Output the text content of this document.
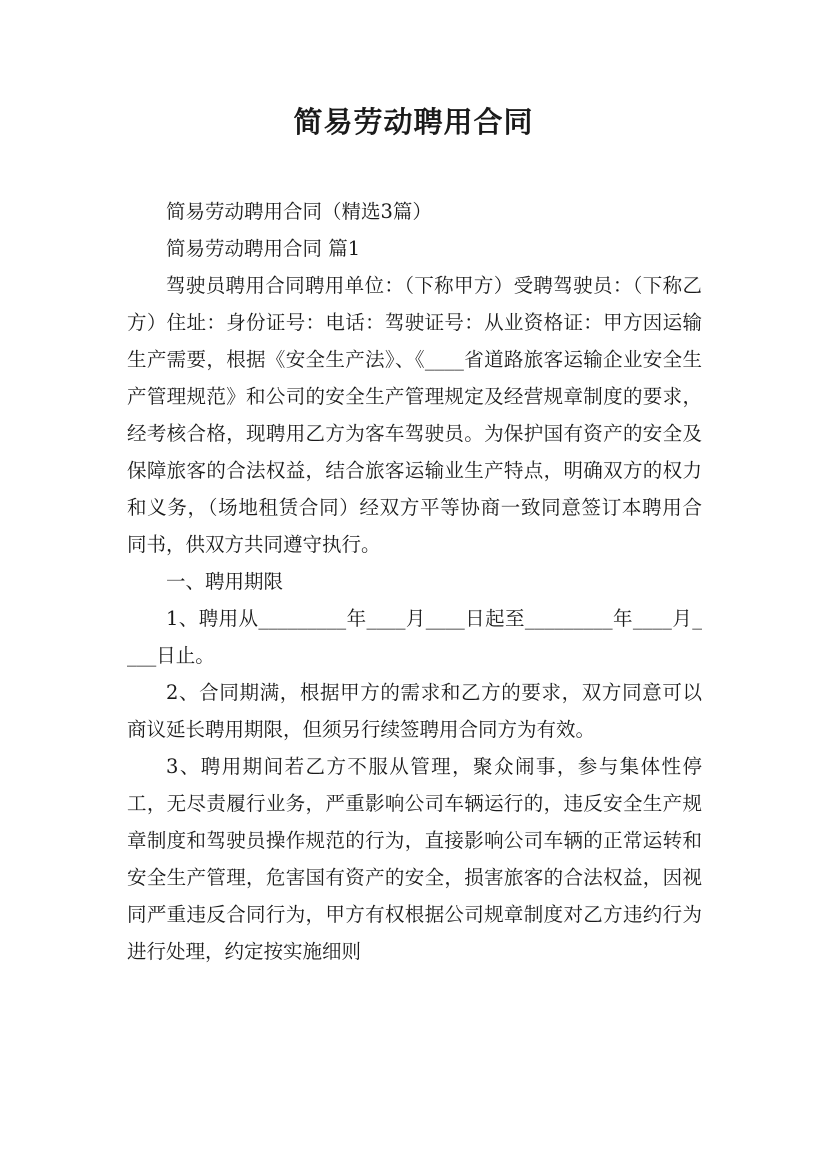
简易劳动聘用合同

简易劳动聘用合同（精选3篇）

简易劳动聘用合同 篇1

驾驶员聘用合同聘用单位：（下称甲方）受聘驾驶员：（下称乙方）住址：身份证号：电话：驾驶证号：从业资格证：甲方因运输生产需要，根据《安全生产法》、《____省道路旅客运输企业安全生产管理规范》和公司的安全生产管理规定及经营规章制度的要求，经考核合格，现聘用乙方为客车驾驶员。为保护国有资产的安全及保障旅客的合法权益，结合旅客运输业生产特点，明确双方的权力和义务，（场地租赁合同）经双方平等协商一致同意签订本聘用合同书，供双方共同遵守执行。

一、聘用期限

1、聘用从_________年____月____日起至_________年____月____日止。

2、合同期满，根据甲方的需求和乙方的要求，双方同意可以商议延长聘用期限，但须另行续签聘用合同方为有效。

3、聘用期间若乙方不服从管理，聚众闹事，参与集体性停工，无尽责履行业务，严重影响公司车辆运行的，违反安全生产规章制度和驾驶员操作规范的行为，直接影响公司车辆的正常运转和安全生产管理，危害国有资产的安全，损害旅客的合法权益，因视同严重违反合同行为，甲方有权根据公司规章制度对乙方违约行为进行处理，约定按实施细则
